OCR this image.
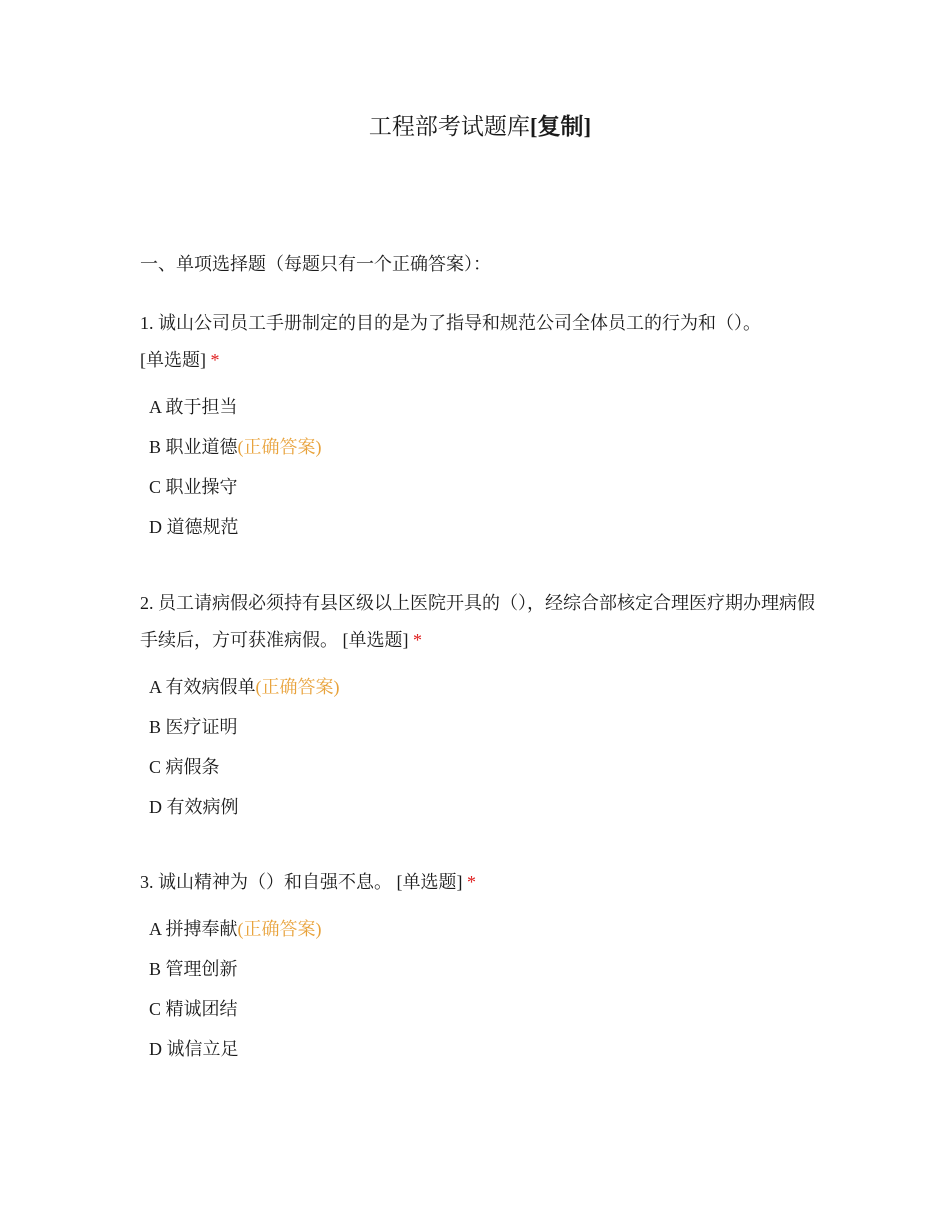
工程部考试题库[复制]
一、单项选择题（每题只有一个正确答案）：
1. 诚山公司员工手册制定的目的是为了指导和规范公司全体员工的行为和（）。
[单选题] *
A 敢于担当
B 职业道德(正确答案)
C 职业操守
D 道德规范
2. 员工请病假必须持有县区级以上医院开具的（），经综合部核定合理医疗期办理病假手续后，方可获准病假。 [单选题] *
A 有效病假单(正确答案)
B 医疗证明
C 病假条
D 有效病例
3. 诚山精神为（）和自强不息。 [单选题] *
A 拼搏奉献(正确答案)
B 管理创新
C 精诚团结
D 诚信立足
